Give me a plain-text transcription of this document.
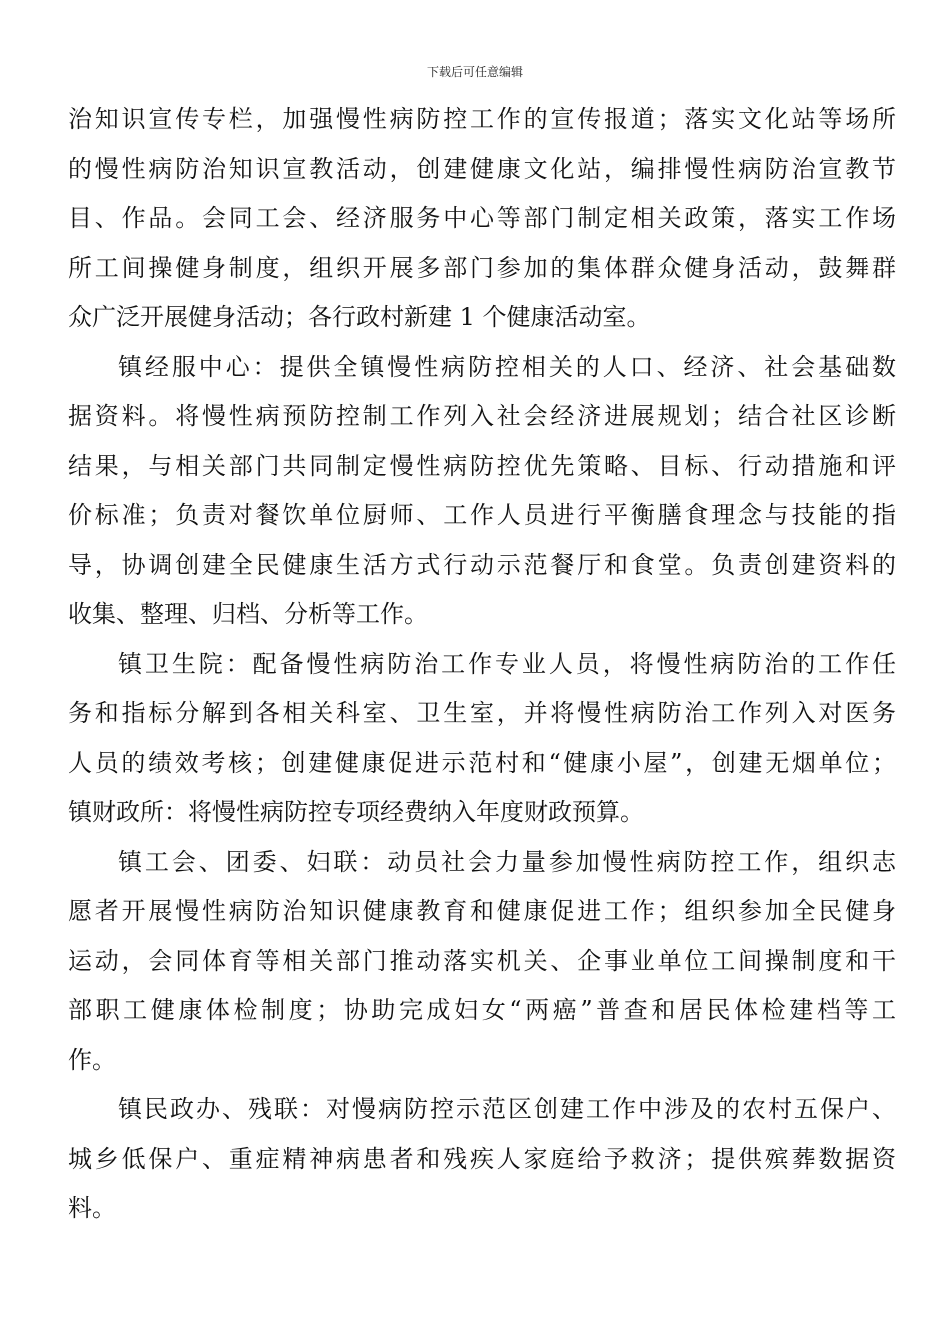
下载后可任意编辑
治知识宣传专栏，加强慢性病防控工作的宣传报道；落实文化站等场所
的慢性病防治知识宣教活动，创建健康文化站，编排慢性病防治宣教节
目、作品。会同工会、经济服务中心等部门制定相关政策，落实工作场
所工间操健身制度，组织开展多部门参加的集体群众健身活动，鼓舞群
众广泛开展健身活动；各行政村新建 1 个健康活动室。
镇经服中心：提供全镇慢性病防控相关的人口、经济、社会基础数
据资料。将慢性病预防控制工作列入社会经济进展规划；结合社区诊断
结果，与相关部门共同制定慢性病防控优先策略、目标、行动措施和评
价标准；负责对餐饮单位厨师、工作人员进行平衡膳食理念与技能的指
导，协调创建全民健康生活方式行动示范餐厅和食堂。负责创建资料的
收集、整理、归档、分析等工作。
镇卫生院：配备慢性病防治工作专业人员，将慢性病防治的工作任
务和指标分解到各相关科室、卫生室，并将慢性病防治工作列入对医务
人员的绩效考核；创建健康促进示范村和“健康小屋”，创建无烟单位；
镇财政所：将慢性病防控专项经费纳入年度财政预算。
镇工会、团委、妇联：动员社会力量参加慢性病防控工作，组织志
愿者开展慢性病防治知识健康教育和健康促进工作；组织参加全民健身
运动，会同体育等相关部门推动落实机关、企事业单位工间操制度和干
部职工健康体检制度；协助完成妇女“两癌”普查和居民体检建档等工
作。
镇民政办、残联：对慢病防控示范区创建工作中涉及的农村五保户、
城乡低保户、重症精神病患者和残疾人家庭给予救济；提供殡葬数据资
料。
